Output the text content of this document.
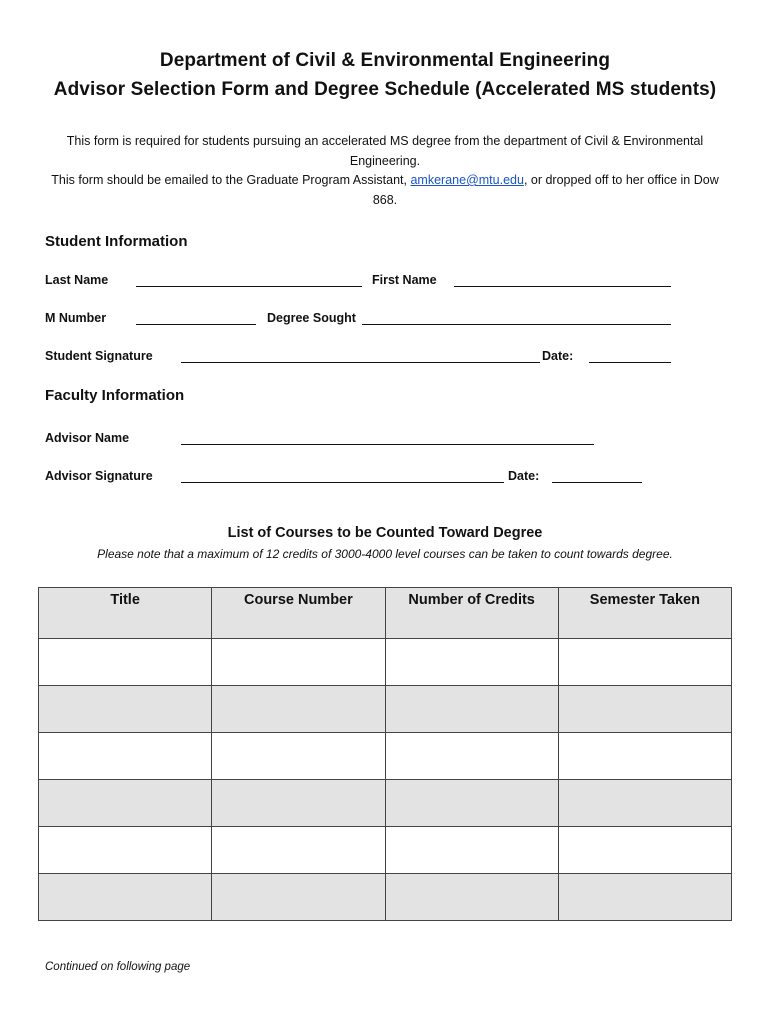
Department of Civil & Environmental Engineering
Advisor Selection Form and Degree Schedule (Accelerated MS students)
This form is required for students pursuing an accelerated MS degree from the department of Civil & Environmental Engineering.
This form should be emailed to the Graduate Program Assistant, amkerane@mtu.edu, or dropped off to her office in Dow 868.
Student Information
Last Name	First Name
M Number	Degree Sought
Student Signature	Date:
Faculty Information
Advisor Name
Advisor Signature	Date:
List of Courses to be Counted Toward Degree
Please note that a maximum of 12 credits of 3000-4000 level courses can be taken to count towards degree.
Title	Course Number	Number of Credits	Semester Taken

Continued on following page
